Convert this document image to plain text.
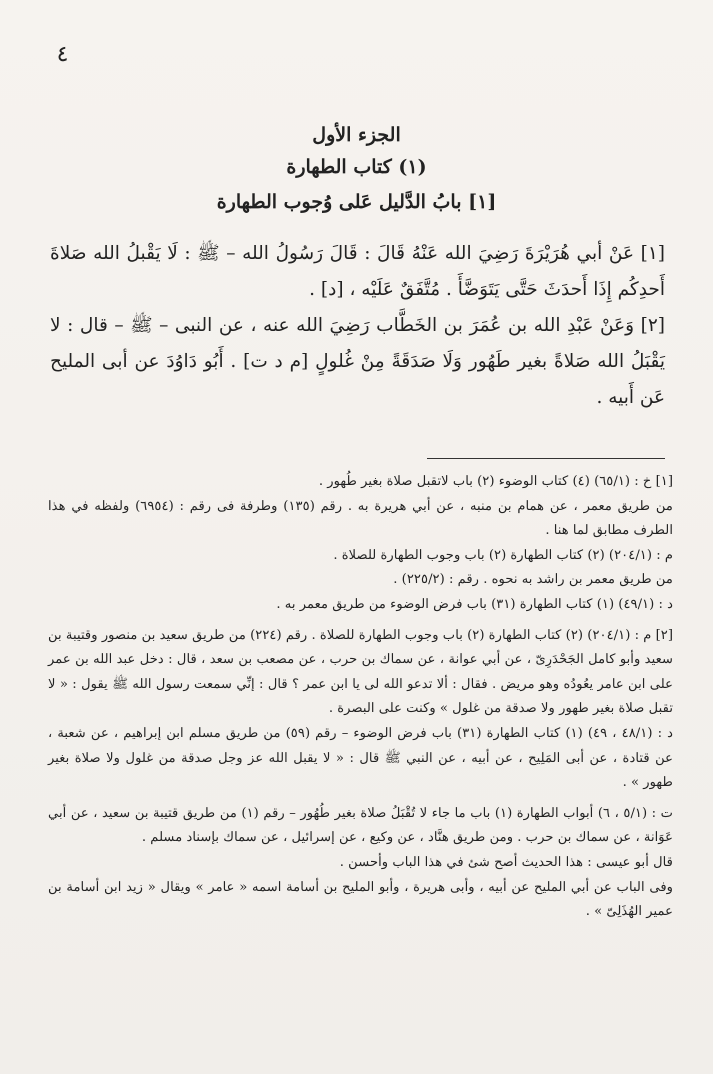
٤
الجزء الأول
(١) كتاب الطهارة
[١] بابُ الدَّليل عَلى وُجوب الطهارة

[١] عَنْ أبي هُرَيْرَةَ رَضِيَ الله عَنْهُ قَالَ : قَالَ رَسُولُ الله – ﷺ : لَا يَقْبلُ الله صَلاةَ أَحدِكُم إِذَا أَحدَثَ حَتَّى يَتَوَضَّأَ . مُتَّفَقٌ عَلَيْه ، [د] .

[٢] وَعَنْ عَبْدِ الله بن عُمَرَ بن الخَطَّاب رَضِيَ الله عنه ، عن النبى – ﷺ – قال : لا يَقْبَلُ الله صَلاةً بغير طَهُور وَلَا صَدَقَةً مِنْ غُلولٍ [م د ت] . أَبُو دَاوُدَ عن أبى المليح عَن أَبيه .

[١] خ : (٦٥/١) (٤) كتاب الوضوء (٢) باب لاتقبل صلاة بغير طُهور .
من طريق معمر ، عن همام بن منبه ، عن أبي هريرة به . رقم (١٣٥) وطرفة فى رقم : (٦٩٥٤) ولفظه في هذا الطرف مطابق لما هنا .
م : (٢٠٤/١) (٢) كتاب الطهارة (٢) باب وجوب الطهارة للصلاة .
من طريق معمر بن راشد به نحوه . رقم : (٢٢٥/٢) .
د : (٤٩/١) (١) كتاب الطهارة (٣١) باب فرض الوضوء من طريق معمر به .
[٢] م : (٢٠٤/١) (٢) كتاب الطهارة (٢) باب وجوب الطهارة للصلاة . رقم (٢٢٤) من طريق سعيد بن منصور وقتيبة بن سعيد وأبو كامل الجَحْدَرِىّ ، عن أبي عوانة ، عن سماك بن حرب ، عن مصعب بن سعد ، قال : دخل عبد الله بن عمر على ابن عامر يعُودُه وهو مريض . فقال : ألا تدعو الله لى يا ابن عمر ؟ قال : إنِّي سمعت رسول الله ﷺ يقول : « لا تقبل صلاة بغير طهور ولا صدقة من غلول » وكنت على البصرة .
د : (٤٨/١ ، ٤٩) (١) كتاب الطهارة (٣١) باب فرض الوضوء – رقم (٥٩) من طريق مسلم ابن إبراهيم ، عن شعبة ، عن قتادة ، عن أبى المَلِيح ، عن أبيه ، عن النبي ﷺ قال : « لا يقبل الله عز وجل صدقة من غلول ولا صلاة بغير طهور » .
ت : (٥/١ ، ٦) أبواب الطهارة (١) باب ما جاء لا تُقْبَلُ صلاة بغير طُهُور – رقم (١) من طريق قتيبة بن سعيد ، عن أبي عَوَانة ، عن سماك بن حرب . ومن طريق هنَّاد ، عن وكيع ، عن إسرائيل ، عن سماك بإسناد مسلم .
قال أبو عيسى : هذا الحديث أصح شئ في هذا الباب وأحسن .
وفى الباب عن أبي المليح عن أبيه ، وأبى هريرة ، وأبو المليح بن أسامة اسمه « عامر » ويقال « زيد ابن أسامة بن عمير الهُذَلِىّ » .
